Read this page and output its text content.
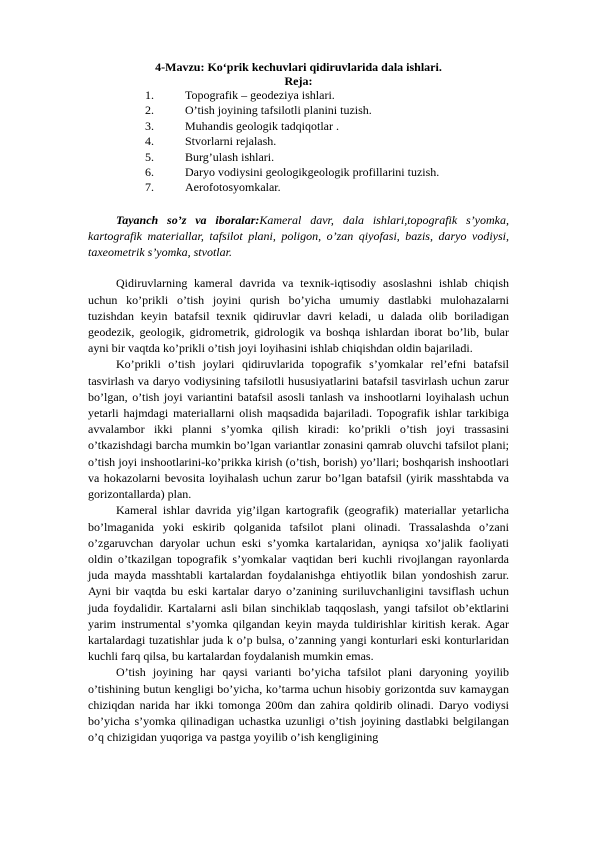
4-Mavzu: Ko‘prik kechuvlari qidiruvlarida dala ishlari.

Reja:

1.	Topografik – geodeziya ishlari.
2.	O’tish joyining tafsilotli planini tuzish.
3.	Muhandis geologik tadqiqotlar .
4.	Stvorlarni rejalash.
5.	Burg’ulash ishlari.
6.	Daryo vodiysini geologikgeologik profillarini tuzish.
7.	Aerofotosyomkalar.

Tayanch so’z va iboralar:Kameral davr, dala ishlari,topografik s’yomka, kartografik materiallar, tafsilot plani, poligon, o’zan qiyofasi, bazis, daryo vodiysi, taxeometrik s’yomka, stvotlar.

Qidiruvlarning kameral davrida va texnik-iqtisodiy asoslashni ishlab chiqish uchun ko’prikli o’tish joyini qurish bo’yicha umumiy dastlabki mulohazalarni tuzishdan keyin batafsil texnik qidiruvlar davri keladi, u dalada olib boriladigan geodezik, geologik, gidrometrik, gidrologik va boshqa ishlardan iborat bo’lib, bular ayni bir vaqtda ko’prikli o’tish joyi loyihasini ishlab chiqishdan oldin bajariladi.

Ko’prikli o’tish joylari qidiruvlarida topografik s’yomkalar rel’efni batafsil tasvirlash va daryo vodiysining tafsilotli hususiyatlarini batafsil tasvirlash uchun zarur bo’lgan, o’tish joyi variantini batafsil asosli tanlash va inshootlarni loyihalash uchun yetarli hajmdagi materiallarni olish maqsadida bajariladi. Topografik ishlar tarkibiga avvalambor ikki planni s’yomka qilish kiradi: ko’prikli o’tish joyi trassasini o’tkazishdagi barcha mumkin bo’lgan variantlar zonasini qamrab oluvchi tafsilot plani; o’tish joyi inshootlarini-ko’prikka kirish (o’tish, borish) yo’llari; boshqarish inshootlari va hokazolarni bevosita loyihalash uchun zarur bo’lgan batafsil (yirik masshtabda va gorizontallarda) plan.

Kameral ishlar davrida yig’ilgan kartografik (geografik) materiallar yetarlicha bo’lmaganida yoki eskirib qolganida tafsilot plani olinadi. Trassalashda o’zani o’zgaruvchan daryolar uchun eski s’yomka kartalaridan, ayniqsa xo’jalik faoliyati oldin o’tkazilgan topografik s’yomkalar vaqtidan beri kuchli rivojlangan rayonlarda juda mayda masshtabli kartalardan foydalanishga ehtiyotlik bilan yondoshish zarur. Ayni bir vaqtda bu eski kartalar daryo o’zanining suriluvchanligini tavsiflash uchun juda foydalidir. Kartalarni asli bilan sinchiklab taqqoslash, yangi tafsilot ob’ektlarini yarim instrumental s’yomka qilgandan keyin mayda tuldirishlar kiritish kerak. Agar kartalardagi tuzatishlar juda k o’p bulsa, o’zanning yangi konturlari eski konturlaridan kuchli farq qilsa, bu kartalardan foydalanish mumkin emas.

O’tish joyining har qaysi varianti bo’yicha tafsilot plani daryoning yoyilib o’tishining butun kengligi bo’yicha, ko’tarma uchun hisobiy gorizontda suv kamaygan chiziqdan narida har ikki tomonga 200m dan zahira qoldirib olinadi. Daryo vodiysi bo’yicha s’yomka qilinadigan uchastka uzunligi o’tish joyining dastlabki belgilangan o’q chizigidan yuqoriga va pastga yoyilib o’ish kengligining
